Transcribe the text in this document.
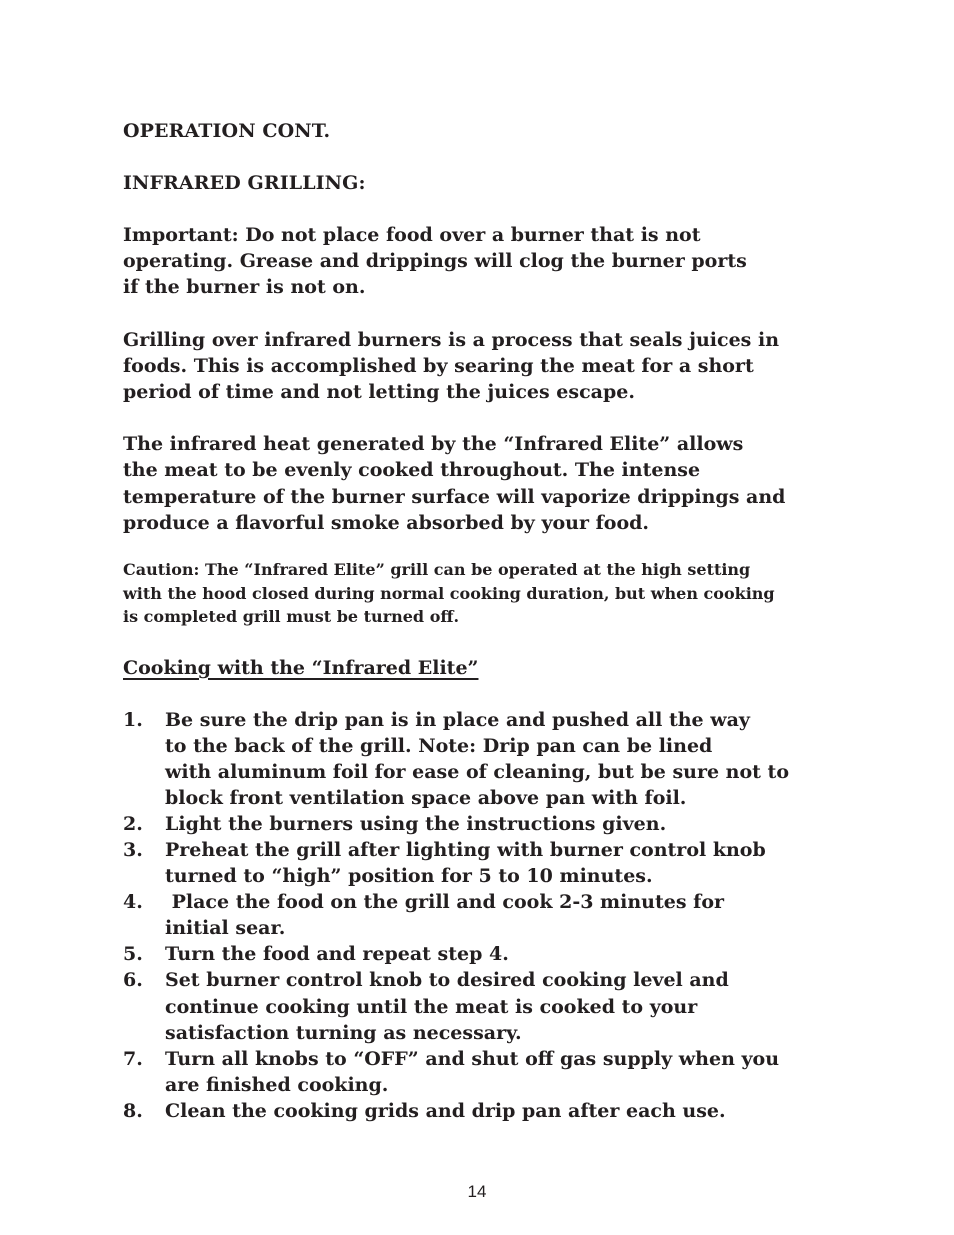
OPERATION CONT.
INFRARED GRILLING:
Important: Do not place food over a burner that is not
operating. Grease and drippings will clog the burner ports
if the burner is not on.
Grilling over infrared burners is a process that seals juices in
foods. This is accomplished by searing the meat for a short
period of time and not letting the juices escape.
The infrared heat generated by the “Infrared Elite” allows
the meat to be evenly cooked throughout. The intense
temperature of the burner surface will vaporize drippings and
produce a flavorful smoke absorbed by your food.
Caution: The “Infrared Elite” grill can be operated at the high setting
with the hood closed during normal cooking duration, but when cooking
is completed grill must be turned off.
Cooking with the “Infrared Elite”
1. Be sure the drip pan is in place and pushed all the way
to the back of the grill. Note: Drip pan can be lined
with aluminum foil for ease of cleaning, but be sure not to
block front ventilation space above pan with foil.
2. Light the burners using the instructions given.
3. Preheat the grill after lighting with burner control knob
turned to “high” position for 5 to 10 minutes.
4. Place the food on the grill and cook 2-3 minutes for
initial sear.
5. Turn the food and repeat step 4.
6. Set burner control knob to desired cooking level and
continue cooking until the meat is cooked to your
satisfaction turning as necessary.
7. Turn all knobs to “OFF” and shut off gas supply when you
are finished cooking.
8. Clean the cooking grids and drip pan after each use.
14
